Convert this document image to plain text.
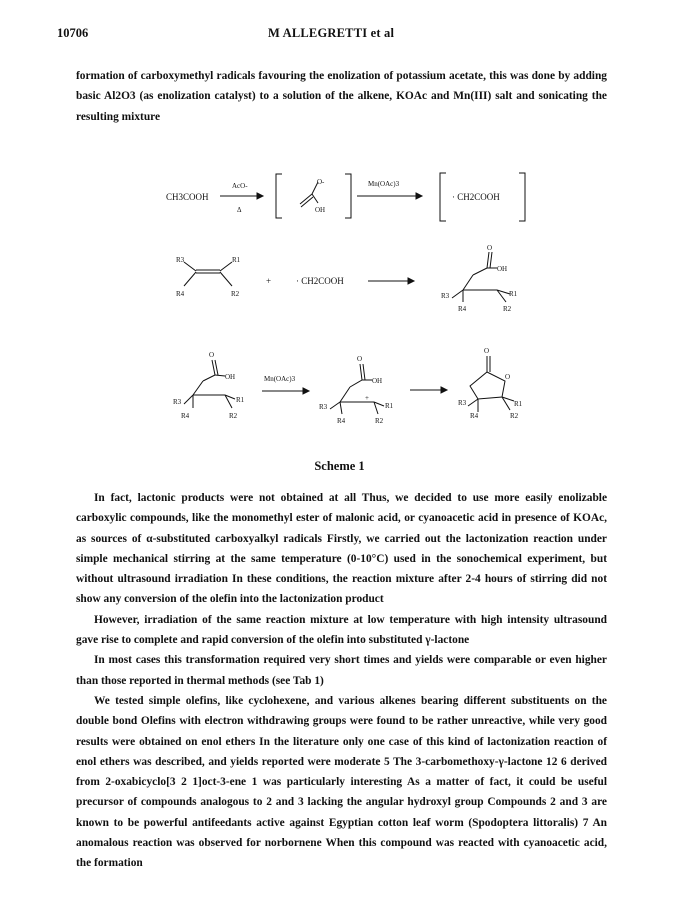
10706	M ALLEGRETTI et al
formation of carboxymethyl radicals favouring the enolization of potassium acetate, this was done by adding basic Al2O3 (as enolization catalyst) to a solution of the alkene, KOAc and Mn(III) salt and sonicating the resulting mixture
CH3COOH
AcO-
Δ
O-
OH
Mn(OAc)3
· CH2COOH
R3	R1
R4	R2
+	· CH2COOH
O
OH
R3	R1
R4	R2
O
OH
R3	R1
R4	R2
Mn(OAc)3
O
OH
+
R3	R1
R4	R2
O
O
R3	R1
R4	R2
Scheme 1
In fact, lactonic products were not obtained at all Thus, we decided to use more easily enolizable carboxylic compounds, like the monomethyl ester of malonic acid, or cyanoacetic acid in presence of KOAc, as sources of α-substituted carboxyalkyl radicals Firstly, we carried out the lactonization reaction under simple mechanical stirring at the same temperature (0-10°C) used in the sonochemical experiment, but without ultrasound irradiation In these conditions, the reaction mixture after 2-4 hours of stirring did not show any conversion of the olefin into the lactonization product
However, irradiation of the same reaction mixture at low temperature with high intensity ultrasound gave rise to complete and rapid conversion of the olefin into substituted γ-lactone
In most cases this transformation required very short times and yields were comparable or even higher than those reported in thermal methods (see Tab 1)
We tested simple olefins, like cyclohexene, and various alkenes bearing different substituents on the double bond Olefins with electron withdrawing groups were found to be rather unreactive, while very good results were obtained on enol ethers In the literature only one case of this kind of lactonization reaction of enol ethers was described, and yields reported were moderate 5 The 3-carbomethoxy-γ-lactone 12 6 derived from 2-oxabicyclo[3 2 1]oct-3-ene 1 was particularly interesting As a matter of fact, it could be useful precursor of compounds analogous to 2 and 3 lacking the angular hydroxyl group Compounds 2 and 3 are known to be powerful antifeedants active against Egyptian cotton leaf worm (Spodoptera littoralis) 7 An anomalous reaction was observed for norbornene When this compound was reacted with cyanoacetic acid, the formation
